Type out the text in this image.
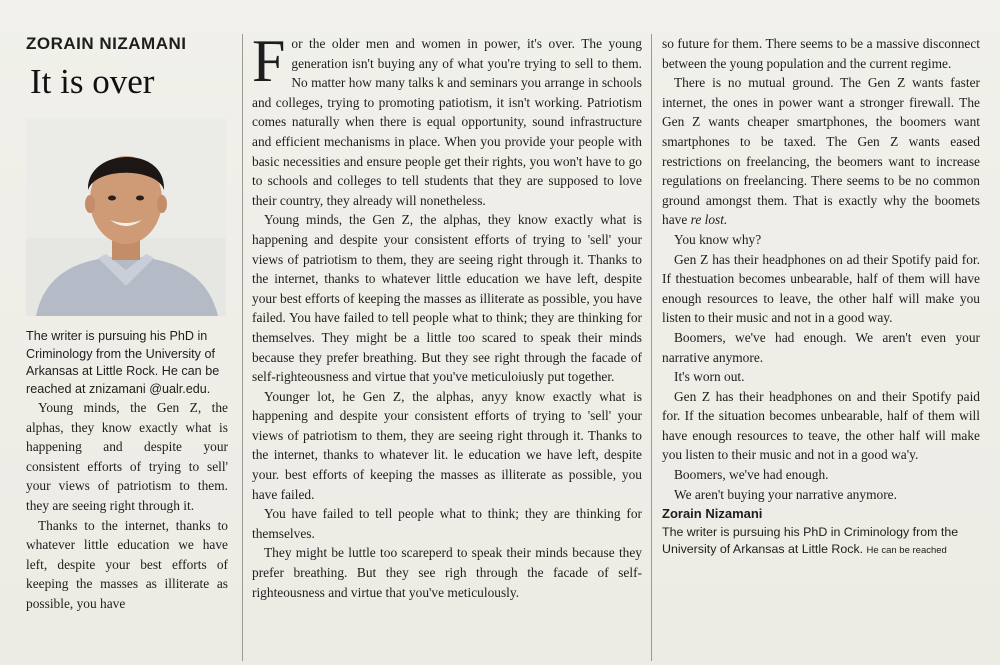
ZORAIN NIZAMANI
It is over

The writer is pursuing his PhD in Criminology from the University of Arkansas at Little Rock. He can be reached at znizamani @ualr.edu.

Young minds, the Gen Z, the alphas, they know exactly what is happening and despite your consistent efforts of trying to sell' your views of patriotism to them. they are seeing right through it.

Thanks to the internet, thanks to whatever little education we have left, despite your best efforts of keeping the masses as illiterate as possible, you have

For the older men and women in power, it's over. The young generation isn't buying any of what you're trying to sell to them. No matter how many talks k and seminars you arrange in schools and colleges, trying to promoting patiotism, it isn't working. Patriotism comes naturally when there is equal opportunity, sound infrastructure and efficient mechanisms in place. When you provide your people with basic necessities and ensure people get their rights, you won't have to go to schools and colleges to tell students that they are supposed to love their country, they already will nonetheless.

Young minds, the Gen Z, the alphas, they know exactly what is happening and despite your consistent efforts of trying to 'sell' your views of patriotism to them, they are seeing right through it. Thanks to the internet, thanks to whatever little education we have left, despite your best efforts of keeping the masses as illiterate as possible, you have failed. You have failed to tell people what to think; they are thinking for themselves. They might be a little too scared to speak their minds because they prefer breathing. But they see right through the facade of self-righteousness and virtue that you've meticuloiusly put together.

Younger lot, he Gen Z, the alphas, anyy know exactly what is happening and despite your consistent efforts of trying to 'sell' your views of patriotism to them, they are seeing right through it. Thanks to the internet, thanks to whatever lit. le education we have left, despite your. best efforts of keeping the masses as illiterate as possible, you have failed.

You have failed to tell people what to think; they are thinking for themselves.

They might be luttle too scareperd to speak their minds because they prefer breathing. But they see righ through the facade of self-righteousness and virtue that you've meticulously.

so future for them. There seems to be a massive disconnect between the young population and the current regime.

There is no mutual ground. The Gen Z wants faster internet, the ones in power want a stronger firewall. The Gen Z wants cheaper smartphones, the boomers want smartphones to be taxed. The Gen Z wants eased restrictions on freelancing, the beomers want to increase regulations on freelancing. There seems to be no common ground amongst them. That is exactly why the boomets have re lost.

You know why?

Gen Z has their headphones on ad their Spotify paid for. If thestuation becomes unbearable, half of them will have enough resources to leave, the other half will make you listen to their music and not in a good way.

Boomers, we've had enough. We aren't even your narrative anymore.

It's worn out.

Gen Z has their headphones on and their Spotify paid for. If the situation becomes unbearable, half of them will have enough resources to teave, the other half will make you listen to their music and not in a good wa'y.

Boomers, we've had enough.

We aren't buying your narrative anymore.

Zorain Nizamani

The writer is pursuing his PhD in Criminology from the University of Arkansas at Little Rock. He can be reached
